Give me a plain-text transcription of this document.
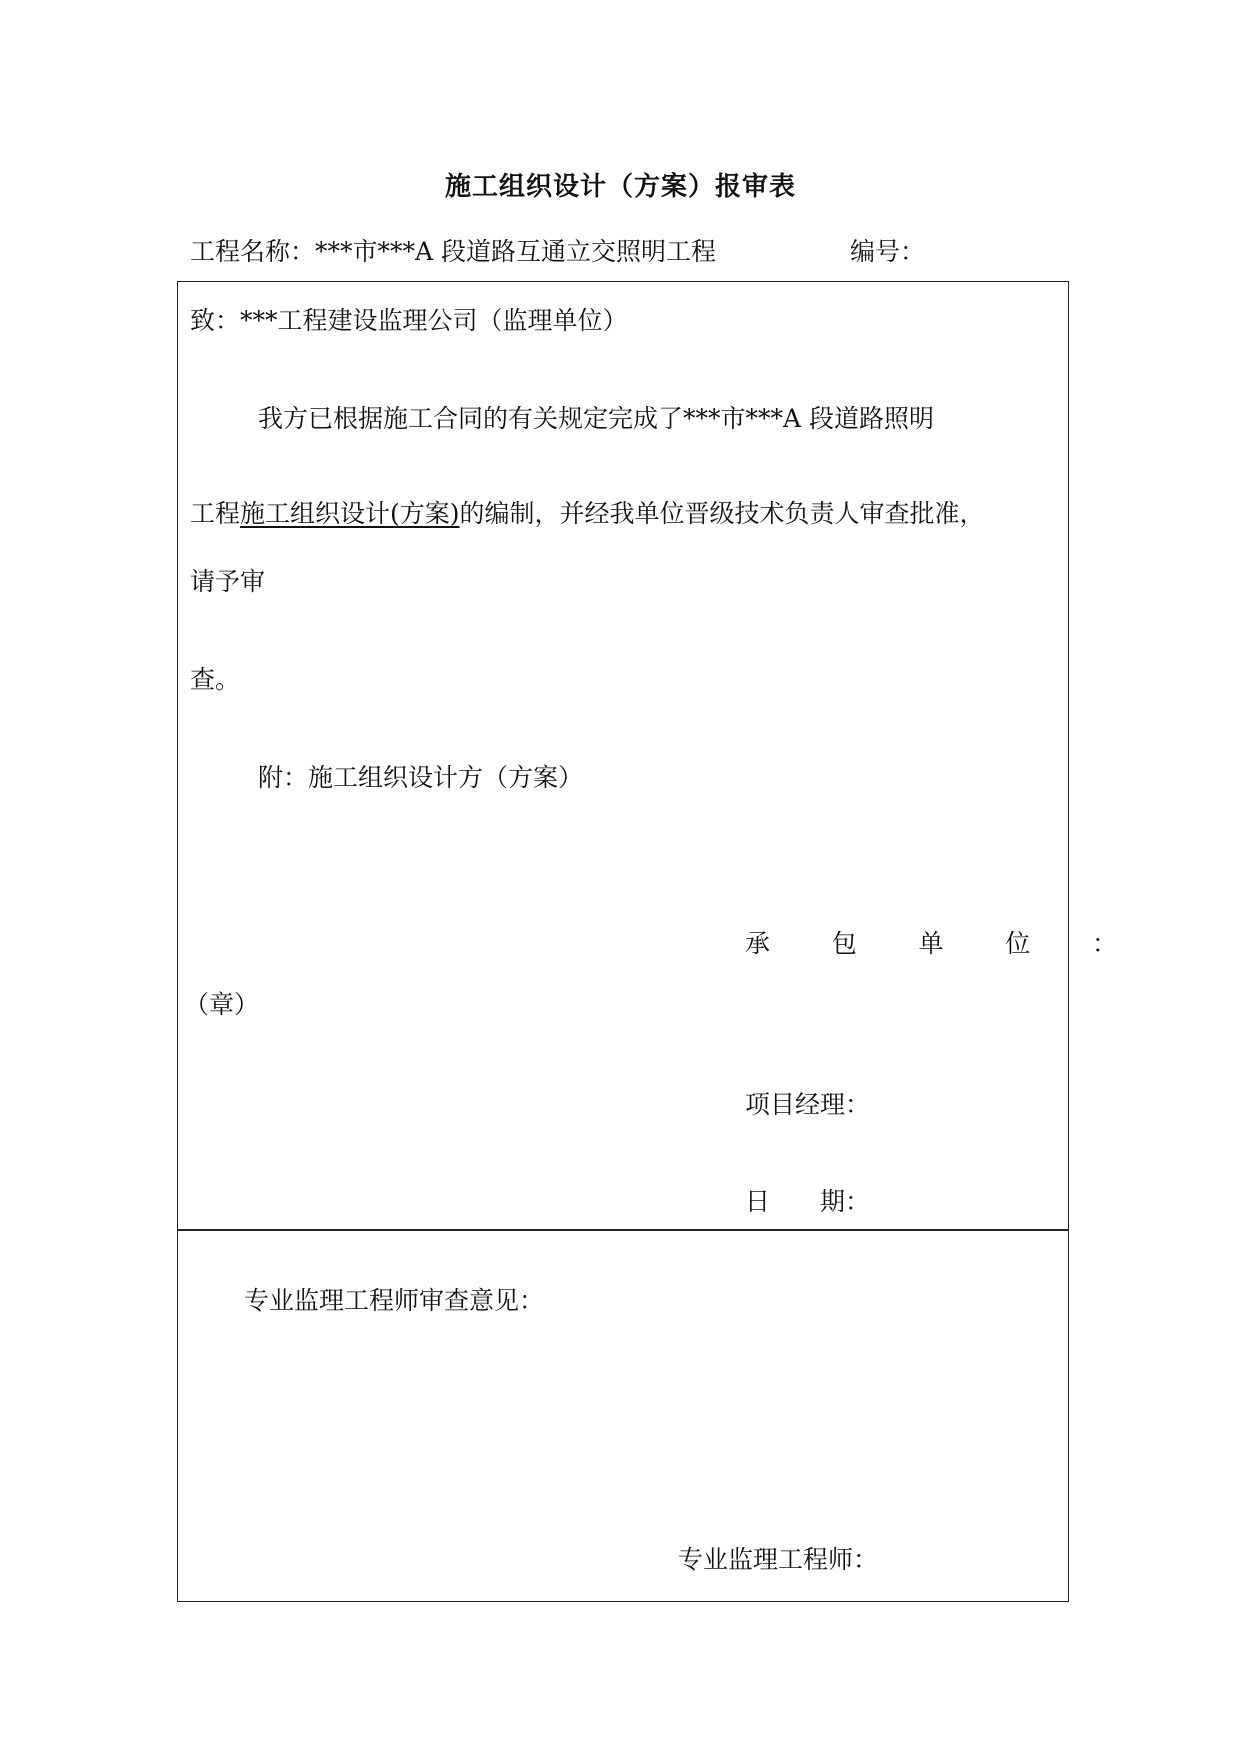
施工组织设计（方案）报审表
工程名称：***市***A 段道路互通立交照明工程	编号：
致：***工程建设监理公司（监理单位）
我方已根据施工合同的有关规定完成了***市***A 段道路照明
工程施工组织设计(方案)的编制，并经我单位晋级技术负责人审查批准，
请予审
查。
附：施工组织设计方（方案）
承 包 单 位 ：
（章）
项目经理：
日 期：
专业监理工程师审查意见：
专业监理工程师：
